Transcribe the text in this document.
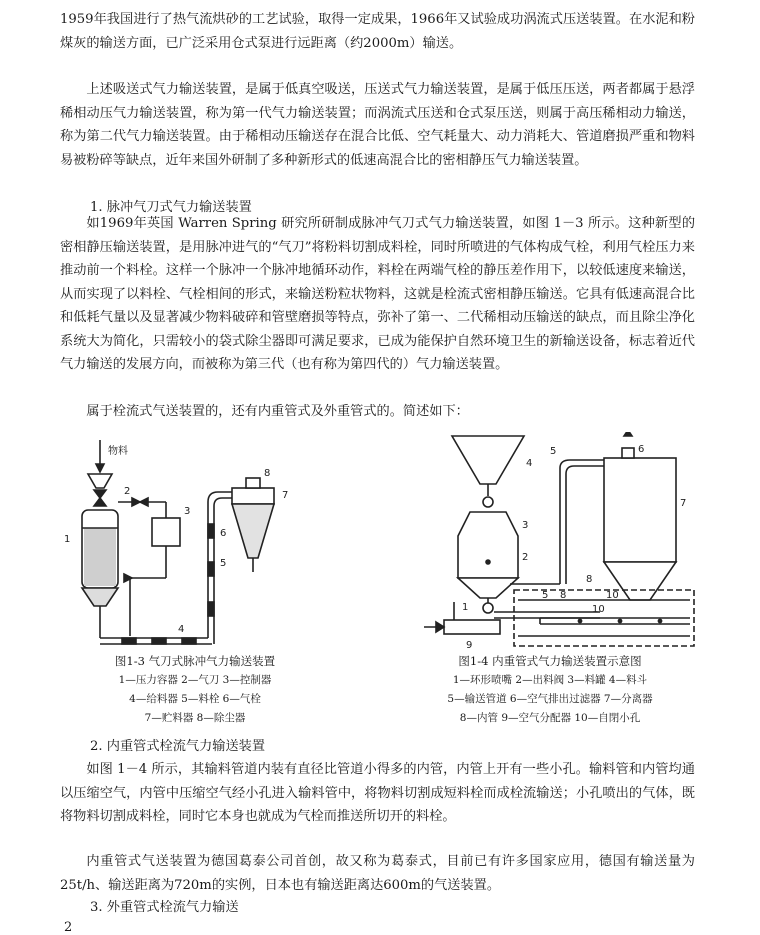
1959年我国进行了热气流烘砂的工艺试验，取得一定成果，1966年又试验成功涡流式压送装置。在水泥和粉煤灰的输送方面，已广泛采用仓式泵进行远距离（约2000m）输送。

上述吸送式气力输送装置，是属于低真空吸送，压送式气力输送装置，是属于低压压送，两者都属于悬浮稀相动压气力输送装置，称为第一代气力输送装置；而涡流式压送和仓式泵压送，则属于高压稀相动力输送，称为第二代气力输送装置。由于稀相动压输送存在混合比低、空气耗量大、动力消耗大、管道磨损严重和物料易被粉碎等缺点，近年来国外研制了多种新形式的低速高混合比的密相静压气力输送装置。

1. 脉冲气刀式气力输送装置

如1969年英国 Warren Spring 研究所研制成脉冲气刀式气力输送装置，如图 1－3 所示。这种新型的密相静压输送装置，是用脉冲进气的“气刀”将粉料切割成料栓，同时所喷进的气体构成气栓，利用气栓压力来推动前一个料栓。这样一个脉冲一个脉冲地循环动作，料栓在两端气栓的静压差作用下，以较低速度来输送，从而实现了以料栓、气栓相间的形式，来输送粉粒状物料，这就是栓流式密相静压输送。它具有低速高混合比和低耗气量以及显著减少物料破碎和管壁磨损等特点，弥补了第一、二代稀相动压输送的缺点，而且除尘净化系统大为简化，只需较小的袋式除尘器即可满足要求，已成为能保护自然环境卫生的新输送设备，标志着近代气力输送的发展方向，而被称为第三代（也有称为第四代的）气力输送装置。

属于栓流式气送装置的，还有内重管式及外重管式的。简述如下：

物料
1
2
3
4
5
6
7
8

图1-3 气刀式脉冲气力输送装置

1—压力容器 2—气刀 3—控制器

4—给料器 5—料栓 6—气栓

7—贮料器 8—除尘器

1
2
3
4
5	6
7
8
9
10
5 8	10

图1-4 内重管式气力输送装置示意图

1—环形喷嘴 2—出料阀 3—料罐 4—料斗

5—输送管道 6—空气排出过滤器 7—分离器

8—内管 9—空气分配器 10—自閉小孔

2. 内重管式栓流气力输送装置

如图 1－4 所示，其输料管道内装有直径比管道小得多的内管，内管上开有一些小孔。输料管和内管均通以压缩空气，内管中压缩空气经小孔进入输料管中，将物料切割成短料栓而成栓流输送；小孔喷出的气体，既将物料切割成料栓，同时它本身也就成为气栓而推送所切开的料栓。

内重管式气送装置为德国葛泰公司首创，故又称为葛泰式，目前已有许多国家应用，德国有输送量为25t/h、输送距离为720m的实例，日本也有输送距离达600m的气送装置。

3. 外重管式栓流气力输送

2
